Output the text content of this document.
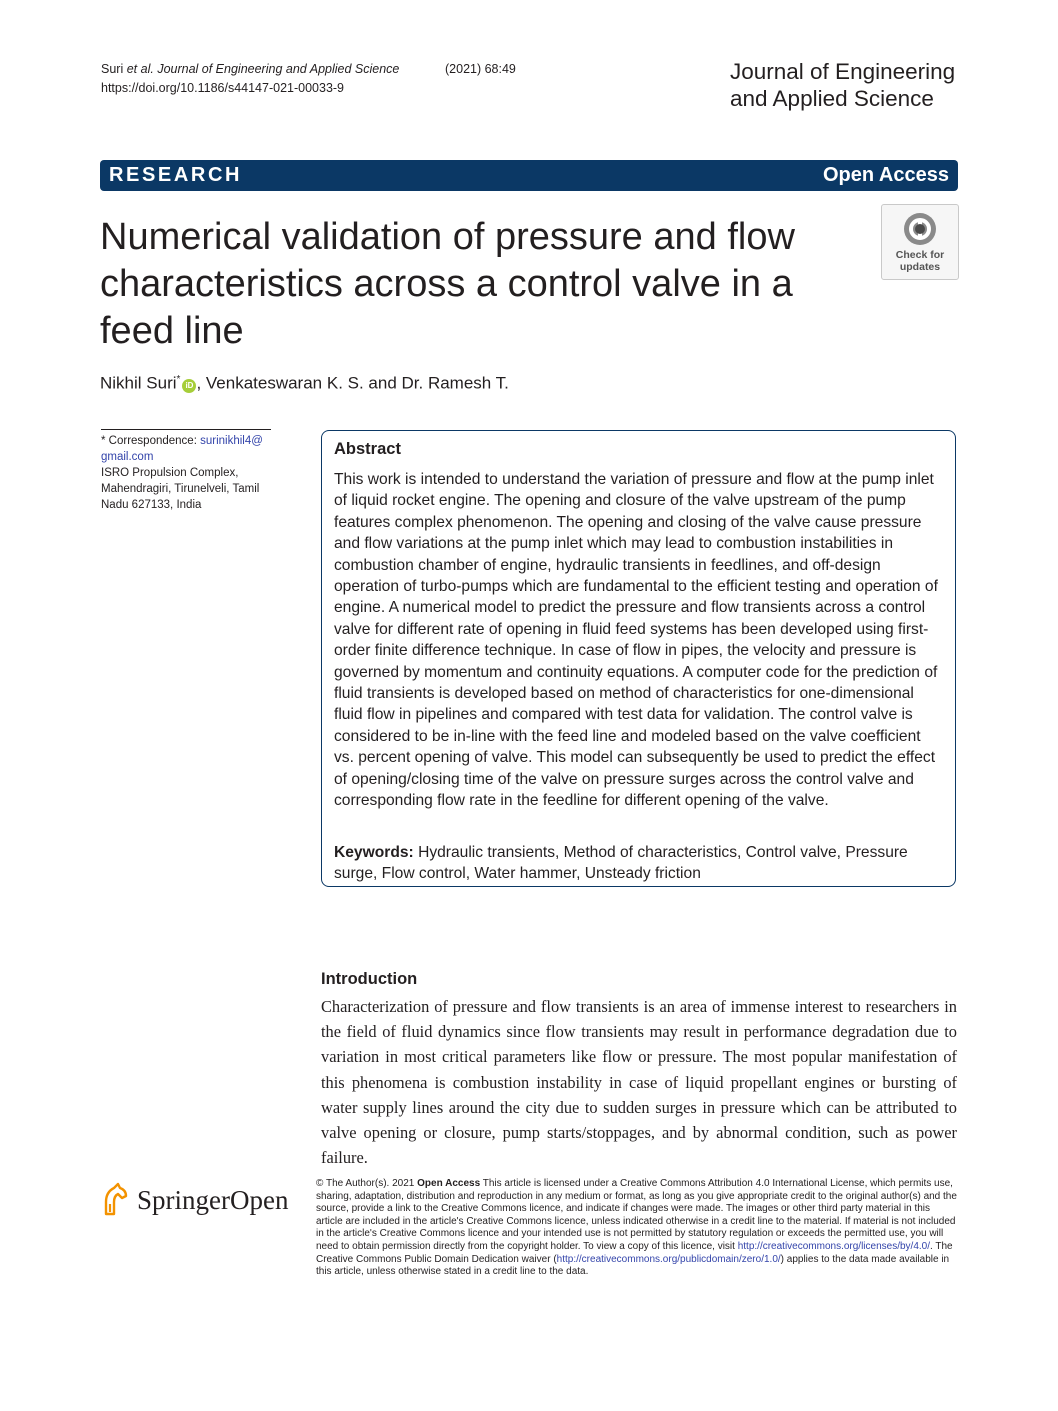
Suri et al. Journal of Engineering and Applied Science	(2021) 68:49
https://doi.org/10.1186/s44147-021-00033-9
Journal of Engineering
and Applied Science
RESEARCH	Open Access
Numerical validation of pressure and flow characteristics across a control valve in a feed line
Check for
updates
Nikhil Suri*iD , Venkateswaran K. S. and Dr. Ramesh T.
* Correspondence: surinikhil4@
gmail.com
ISRO Propulsion Complex, Mahendragiri, Tirunelveli, Tamil Nadu 627133, India
Abstract
This work is intended to understand the variation of pressure and flow at the pump inlet of liquid rocket engine. The opening and closure of the valve upstream of the pump features complex phenomenon. The opening and closing of the valve cause pressure and flow variations at the pump inlet which may lead to combustion instabilities in combustion chamber of engine, hydraulic transients in feedlines, and off-design operation of turbo-pumps which are fundamental to the efficient testing and operation of engine. A numerical model to predict the pressure and flow transients across a control valve for different rate of opening in fluid feed systems has been developed using first-order finite difference technique. In case of flow in pipes, the velocity and pressure is governed by momentum and continuity equations. A computer code for the prediction of fluid transients is developed based on method of characteristics for one-dimensional fluid flow in pipelines and compared with test data for validation. The control valve is considered to be in-line with the feed line and modeled based on the valve coefficient vs. percent opening of valve. This model can subsequently be used to predict the effect of opening/closing time of the valve on pressure surges across the control valve and corresponding flow rate in the feedline for different opening of the valve.
Keywords: Hydraulic transients, Method of characteristics, Control valve, Pressure surge, Flow control, Water hammer, Unsteady friction
Introduction
Characterization of pressure and flow transients is an area of immense interest to researchers in the field of fluid dynamics since flow transients may result in performance degradation due to variation in most critical parameters like flow or pressure. The most popular manifestation of this phenomena is combustion instability in case of liquid propellant engines or bursting of water supply lines around the city due to sudden surges in pressure which can be attributed to valve opening or closure, pump starts/stoppages, and by abnormal condition, such as power failure.
SpringerOpen
© The Author(s). 2021 Open Access This article is licensed under a Creative Commons Attribution 4.0 International License, which permits use, sharing, adaptation, distribution and reproduction in any medium or format, as long as you give appropriate credit to the original author(s) and the source, provide a link to the Creative Commons licence, and indicate if changes were made. The images or other third party material in this article are included in the article's Creative Commons licence, unless indicated otherwise in a credit line to the material. If material is not included in the article's Creative Commons licence and your intended use is not permitted by statutory regulation or exceeds the permitted use, you will need to obtain permission directly from the copyright holder. To view a copy of this licence, visit http://creativecommons.org/licenses/by/4.0/. The Creative Commons Public Domain Dedication waiver (http://creativecommons.org/publicdomain/zero/1.0/) applies to the data made available in this article, unless otherwise stated in a credit line to the data.
